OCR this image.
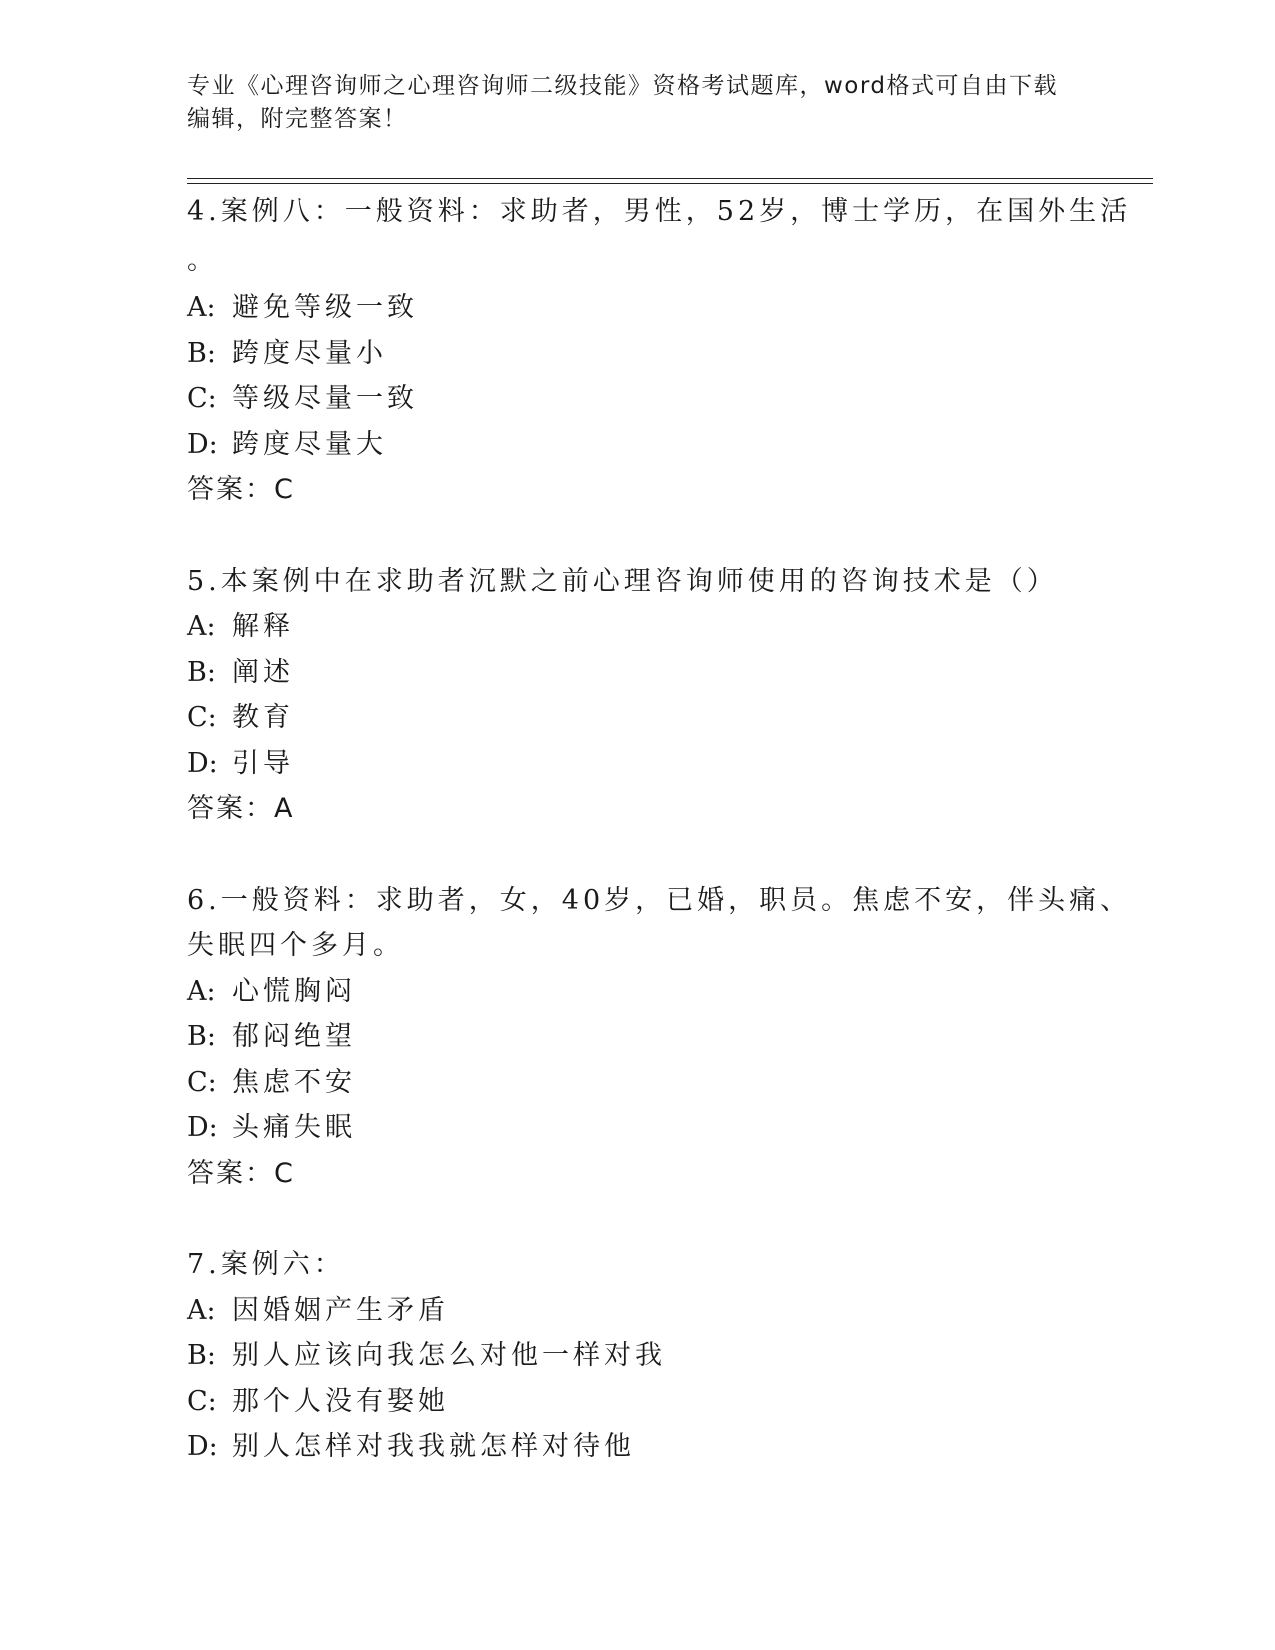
专业《心理咨询师之心理咨询师二级技能》资格考试题库，word格式可自由下载
编辑，附完整答案！
4.案例八：一般资料：求助者，男性，52岁，博士学历，在国外生活
。
A: 避免等级一致
B: 跨度尽量小
C: 等级尽量一致
D: 跨度尽量大
答案：C
5.本案例中在求助者沉默之前心理咨询师使用的咨询技术是（）
A: 解释
B: 阐述
C: 教育
D: 引导
答案：A
6.一般资料：求助者，女，40岁，已婚，职员。焦虑不安，伴头痛、
失眠四个多月。
A: 心慌胸闷
B: 郁闷绝望
C: 焦虑不安
D: 头痛失眠
答案：C
7.案例六：
A: 因婚姻产生矛盾
B: 别人应该向我怎么对他一样对我
C: 那个人没有娶她
D: 别人怎样对我我就怎样对待他
